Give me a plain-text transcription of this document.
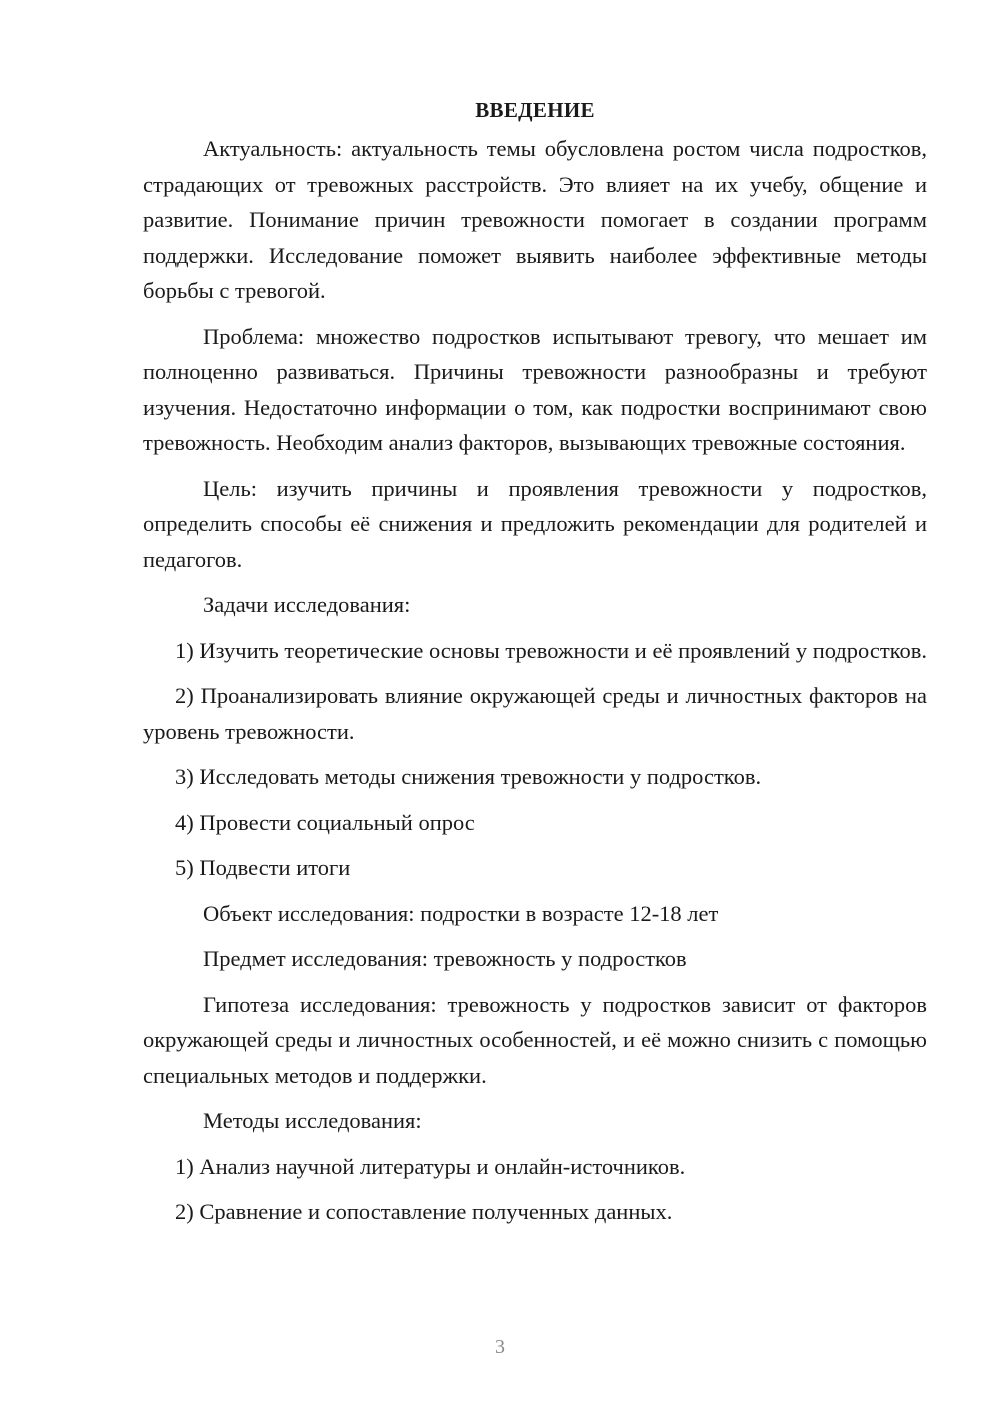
ВВЕДЕНИЕ

Актуальность: актуальность темы обусловлена ростом числа подростков, страдающих от тревожных расстройств. Это влияет на их учебу, общение и развитие. Понимание причин тревожности помогает в создании программ поддержки. Исследование поможет выявить наиболее эффективные методы борьбы с тревогой.

Проблема: множество подростков испытывают тревогу, что мешает им полноценно развиваться. Причины тревожности разнообразны и требуют изучения. Недостаточно информации о том, как подростки воспринимают свою тревожность. Необходим анализ факторов, вызывающих тревожные состояния.

Цель: изучить причины и проявления тревожности у подростков, определить способы её снижения и предложить рекомендации для родителей и педагогов.

Задачи исследования:

1) Изучить теоретические основы тревожности и её проявлений у подростков.

2) Проанализировать влияние окружающей среды и личностных факторов на уровень тревожности.

3) Исследовать методы снижения тревожности у подростков.

4) Провести социальный опрос

5) Подвести итоги

Объект исследования: подростки в возрасте 12-18 лет

Предмет исследования: тревожность у подростков

Гипотеза исследования: тревожность у подростков зависит от факторов окружающей среды и личностных особенностей, и её можно снизить с помощью специальных методов и поддержки.

Методы исследования:

1) Анализ научной литературы и онлайн-источников.

2) Сравнение и сопоставление полученных данных.

3
